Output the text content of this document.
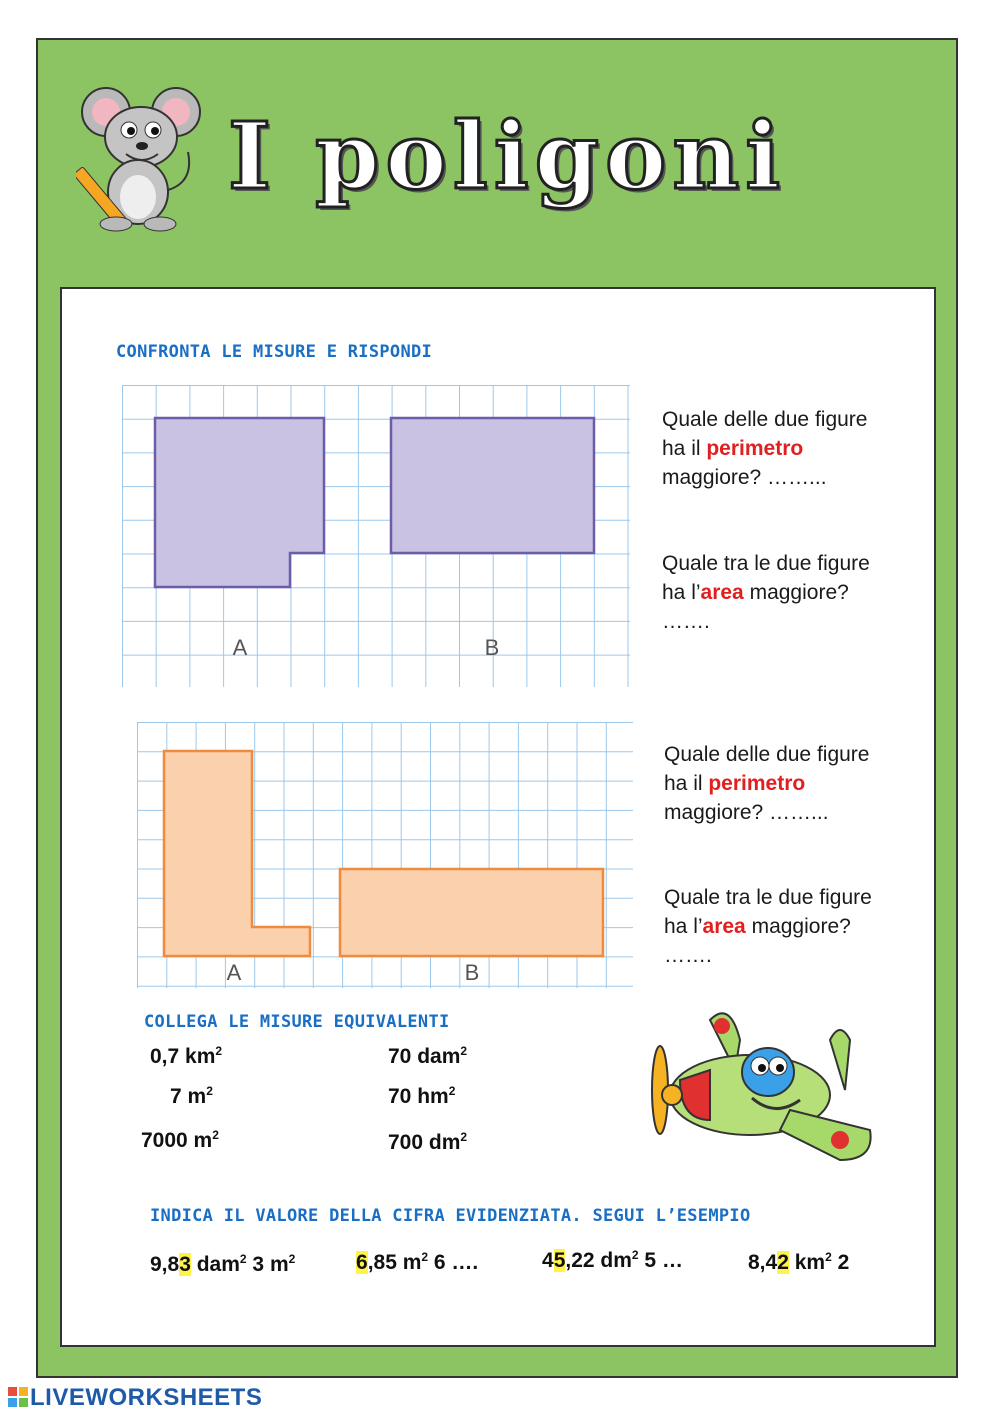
I poligoni
CONFRONTA LE MISURE E RISPONDI
A	B
Quale delle due figure
ha il perimetro
maggiore? ……...
Quale tra le due figure
ha l’area maggiore?
…….
A	B
Quale delle due figure
ha il perimetro
maggiore? ……...
Quale tra le due figure
ha l’area maggiore?
…….
COLLEGA LE MISURE EQUIVALENTI
0,7 $km^2$
7 $m^2$
7000 $m^2$
70 dam$^2$
70 $hm^2$
700 $dm^2$
INDICA IL VALORE DELLA CIFRA EVIDENZIATA. SEGUI L’ESEMPIO
9,83 dam$^2$ 3 $m^2$	6,85 $m^2$ 6 ….	45,22 $dm^2$ 5 …	8,42 $km^2$ 2
LIVEWORKSHEETS
